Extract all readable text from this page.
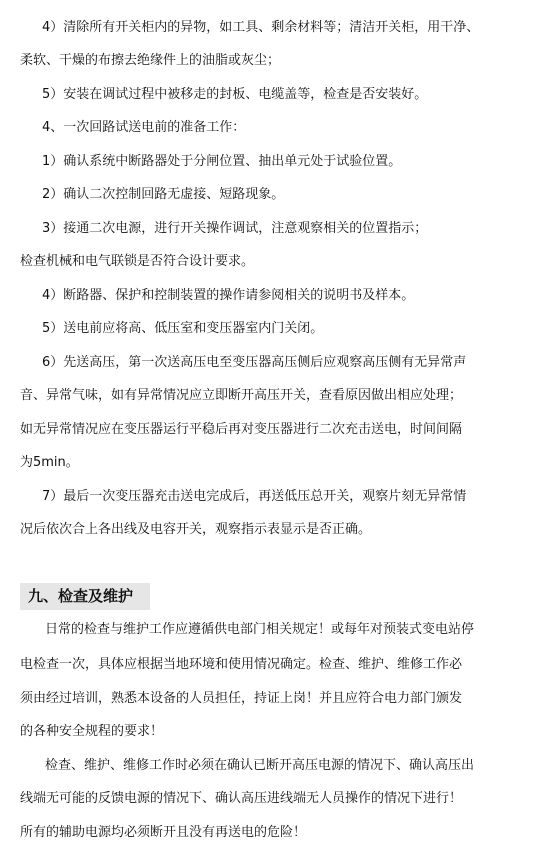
4）清除所有开关柜内的异物，如工具、剩余材料等；清洁开关柜，用干净、
柔软、干燥的布擦去绝缘件上的油脂或灰尘；
5）安装在调试过程中被移走的封板、电缆盖等，检查是否安装好。
4、一次回路试送电前的准备工作：
1）确认系统中断路器处于分闸位置、抽出单元处于试验位置。
2）确认二次控制回路无虚接、短路现象。
3）接通二次电源，进行开关操作调试，注意观察相关的位置指示；
检查机械和电气联锁是否符合设计要求。
4）断路器、保护和控制装置的操作请参阅相关的说明书及样本。
5）送电前应将高、低压室和变压器室内门关闭。
6）先送高压，第一次送高压电至变压器高压侧后应观察高压侧有无异常声
音、异常气味，如有异常情况应立即断开高压开关，查看原因做出相应处理；
如无异常情况应在变压器运行平稳后再对变压器进行二次充击送电，时间间隔
为5min。
7）最后一次变压器充击送电完成后，再送低压总开关，观察片刻无异常情
况后依次合上各出线及电容开关，观察指示表显示是否正确。
九、检查及维护
日常的检查与维护工作应遵循供电部门相关规定！或每年对预装式变电站停
电检查一次，具体应根据当地环境和使用情况确定。检查、维护、维修工作必
须由经过培训，熟悉本设备的人员担任，持证上岗！并且应符合电力部门颁发
的各种安全规程的要求！
检查、维护、维修工作时必须在确认已断开高压电源的情况下、确认高压出
线端无可能的反馈电源的情况下、确认高压进线端无人员操作的情况下进行！
所有的辅助电源均必须断开且没有再送电的危险！
